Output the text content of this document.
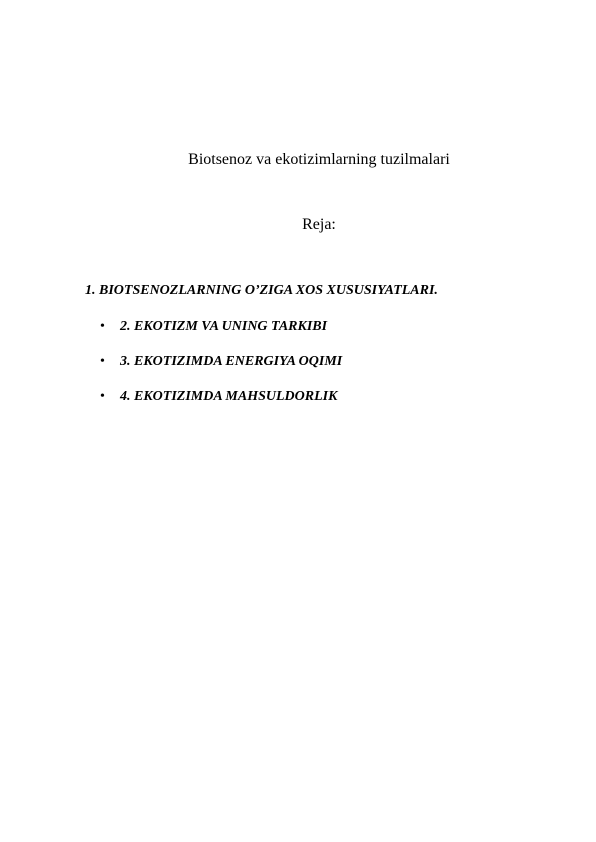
Biotsenoz va ekotizimlarning tuzilmalari
Reja:
1. BIOTSENOZLARNING O’ZIGA XOS XUSUSIYATLARI.
• 2. EKOTIZM VA UNING TARKIBI
• 3. EKOTIZIMDA ENERGIYA OQIMI
• 4. EKOTIZIMDA MAHSULDORLIK
